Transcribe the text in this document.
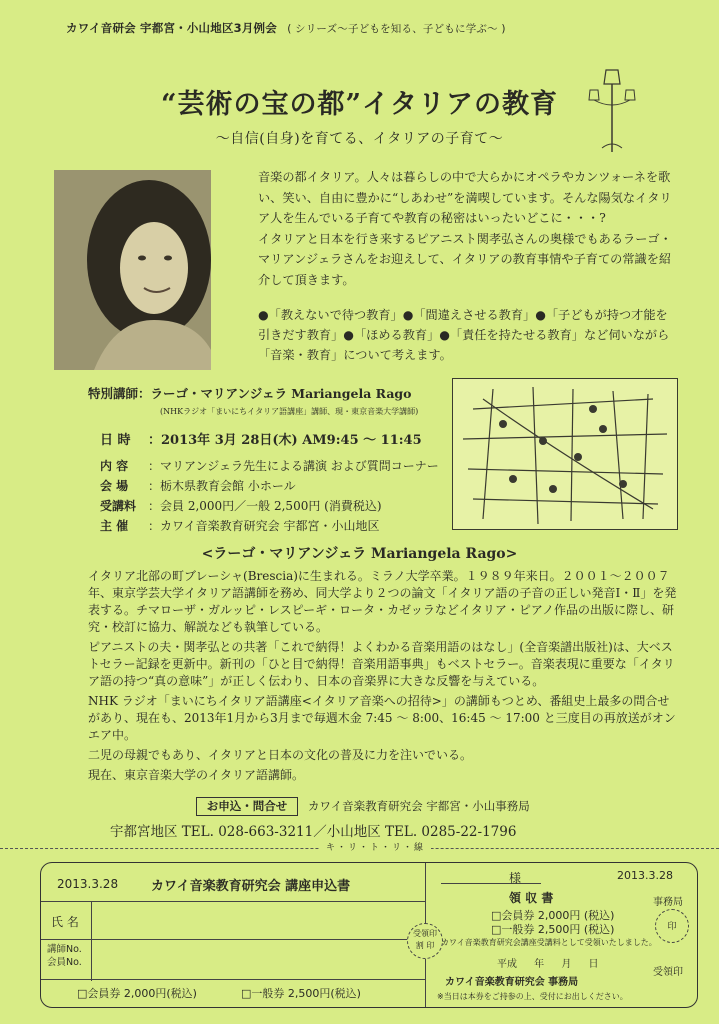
カワイ音研会 宇都宮・小山地区3月例会 ( シリーズ〜子どもを知る、子どもに学ぶ〜 )
“芸術の宝の都”イタリアの教育
〜自信(自身)を育てる、イタリアの子育て〜

音楽の都イタリア。人々は暮らしの中で大らかにオペラやカンツォーネを歌い、笑い、自由に豊かに“しあわせ”を満喫しています。そんな陽気なイタリア人を生んでいる子育てや教育の秘密はいったいどこに・・・?

イタリアと日本を行き来するピアニスト関孝弘さんの奥様でもあるラーゴ・マリアンジェラさんをお迎えして、イタリアの教育事情や子育ての常識を紹介して頂きます。

●「教えないで待つ教育」●「間違えさせる教育」●「子どもが持つ才能を引きだす教育」●「ほめる教育」●「責任を持たせる教育」など伺いながら「音楽・教育」について考えます。
特別講師：ラーゴ・マリアンジェラ Mariangela Rago
(NHKラジオ「まいにちイタリア語講座」講師、現・東京音楽大学講師)
日 時 ：2013年 3月 28日(木) AM9:45 〜 11:45
内 容 ：マリアンジェラ先生による講演 および質問コーナー
会 場 ：栃木県教育会館 小ホール
受講料 ：会員 2,000円／一般 2,500円 (消費税込)
主 催 ：カワイ音楽教育研究会 宇都宮・小山地区
<ラーゴ・マリアンジェラ Mariangela Rago>

イタリア北部の町ブレーシャ(Brescia)に生まれる。ミラノ大学卒業。１９８９年来日。２００１〜２００７年、東京学芸大学イタリア語講師を務め、同大学より２つの論文「イタリア語の子音の正しい発音Ⅰ・Ⅱ」を発表する。チマローザ・ガルッピ・レスピーギ・ロータ・カゼッラなどイタリア・ピアノ作品の出版に際し、研究・校訂に協力、解説なども執筆している。

ピアニストの夫・関孝弘との共著「これで納得！よくわかる音楽用語のはなし」(全音楽譜出版社)は、大ベストセラー記録を更新中。新刊の「ひと目で納得！音楽用語事典」もベストセラー。音楽表現に重要な「イタリア語の持つ“真の意味”」が正しく伝わり、日本の音楽界に大きな反響を与えている。

NHK ラジオ「まいにちイタリア語講座<イタリア音楽への招待>」の講師もつとめ、番組史上最多の問合せがあり、現在も、2013年1月から3月まで毎週木金 7:45 〜 8:00、16:45 〜 17:00 と三度目の再放送がオンエア中。

二児の母親でもあり、イタリアと日本の文化の普及に力を注いでいる。

現在、東京音楽大学のイタリア語講師。

お申込・問合せ	カワイ音楽教育研究会 宇都宮・小山事務局
宇都宮地区 TEL. 028-663-3211／小山地区 TEL. 0285-22-1796
キ・リ・ト・リ・線
2013.3.28	カワイ音楽教育研究会 講座申込書
氏 名
講師No. 会員No.
□会員券 2,000円(税込)	□一般券 2,500円(税込)
受領印 割 印
様	2013.3.28
領 収 書
□会員券 2,000円 (税込)
□一般券 2,500円 (税込)
カワイ音楽教育研究会講座受講料として受領いたしました。
平成 年 月 日
カワイ音楽教育研究会 事務局
※当日は本券をご持参の上、受付にお出しください。
事務局
印
受領印
